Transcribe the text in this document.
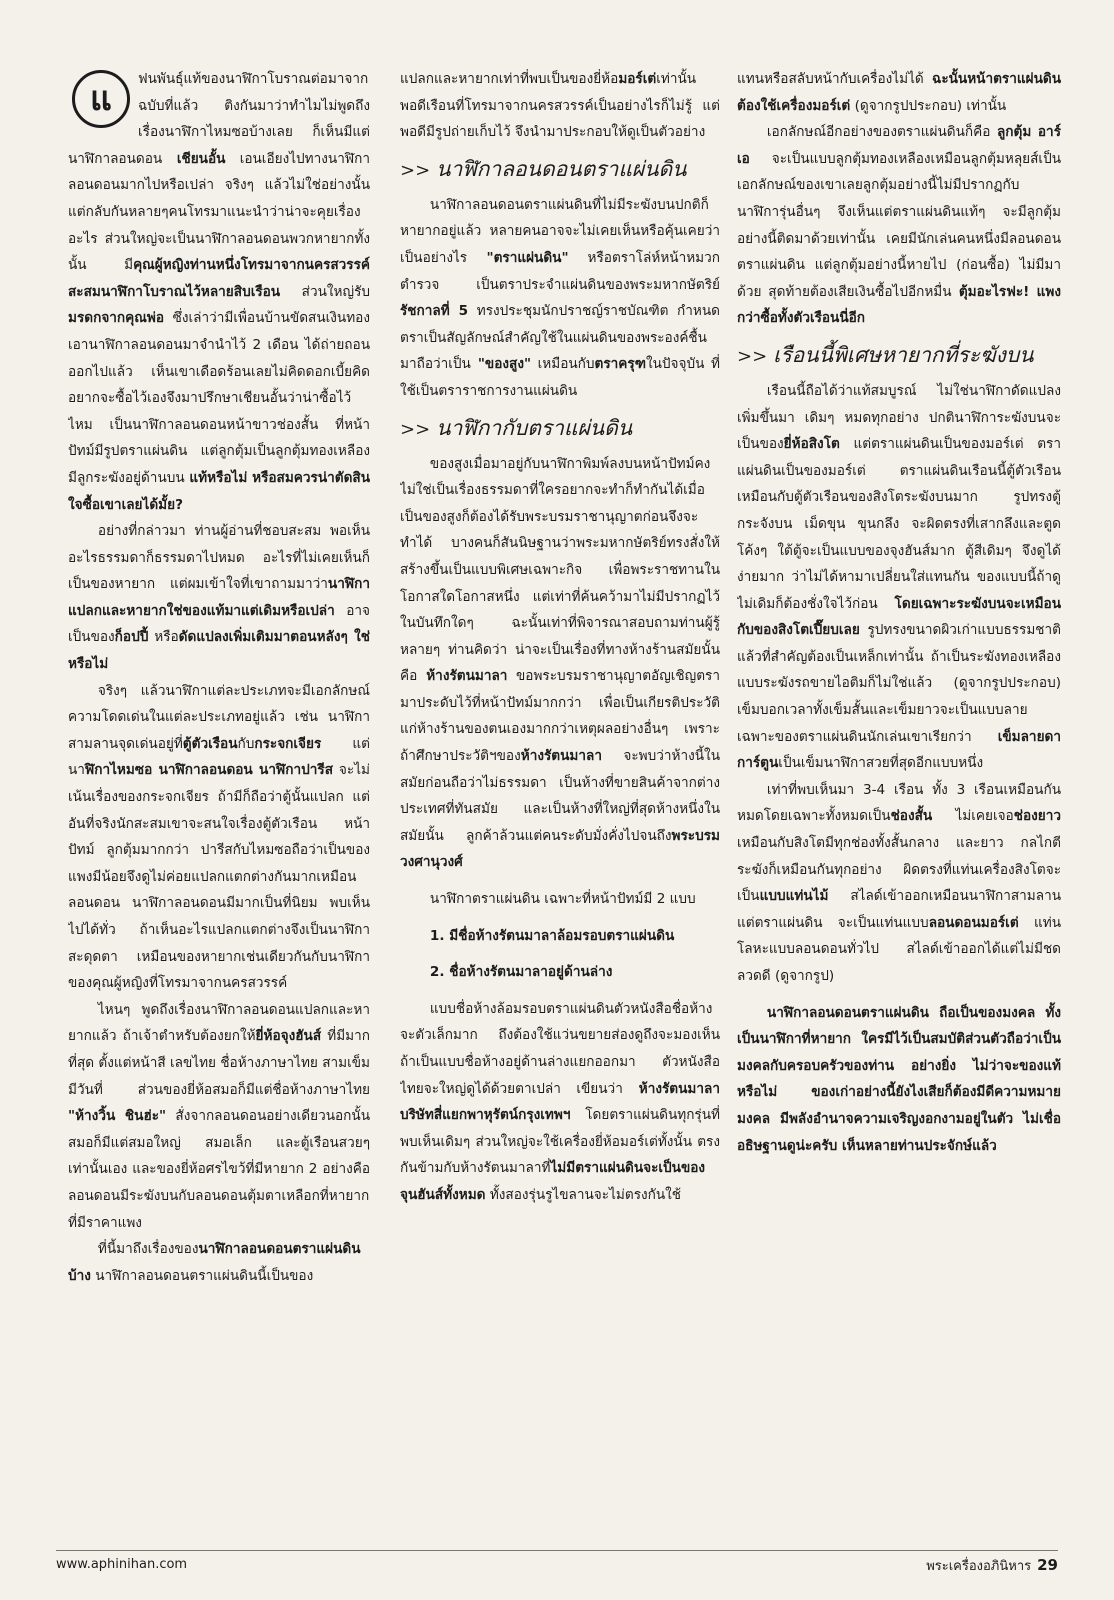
แ	ฟนพันธุ์แท้ของนาฬิกาโบราณต่อมาจากฉบับที่แล้ว ติงกันมาว่าทำไมไม่พูดถึงเรื่องนาฬิกาไหมซอบ้างเลย ก็เห็นมีแต่นาฬิกาลอนดอน เชียนอั้น เอนเอียงไปทางนาฬิกาลอนดอนมากไปหรือเปล่า จริงๆ แล้วไม่ใช่อย่างนั้น แต่กลับกันหลายๆคนโทรมาแนะนำว่าน่าจะคุยเรื่องอะไร ส่วนใหญ่จะเป็นนาฬิกาลอนดอนพวกหายากทั้งนั้น มีคุณผู้หญิงท่านหนึ่งโทรมาจากนครสวรรค์ สะสมนาฬิกาโบราณไว้หลายสิบเรือน ส่วนใหญ่รับมรดกจากคุณพ่อ ซึ่งเล่าว่ามีเพื่อนบ้านขัดสนเงินทองเอานาฬิกาลอนดอนมาจำนำไว้ 2 เดือน ได้ถ่ายถอนออกไปแล้ว เห็นเขาเดือดร้อนเลยไม่คิดดอกเบี้ยคิดอยากจะซื้อไว้เองจึงมาปรึกษาเชียนอั้นว่าน่าซื้อไว้ไหม เป็นนาฬิกาลอนดอนหน้าขาวช่องสั้น ที่หน้าปัทม์มีรูปตราแผ่นดิน แต่ลูกตุ้มเป็นลูกตุ้มทองเหลือง มีลูกระฆังอยู่ด้านบน แท้หรือไม่ หรือสมควรน่าตัดสินใจซื้อเขาเลยได้มั้ย?

อย่างที่กล่าวมา ท่านผู้อ่านที่ชอบสะสม พอเห็นอะไรธรรมดาก็ธรรมดาไปหมด อะไรที่ไม่เคยเห็นก็เป็นของหายาก แต่ผมเข้าใจที่เขาถามมาว่านาฬิกาแปลกและหายากใช่ของแท้มาแต่เดิมหรือเปล่า อาจเป็นของก็อปปี้ หรือดัดแปลงเพิ่มเติมมาตอนหลังๆ ใช่หรือไม่

จริงๆ แล้วนาฬิกาแต่ละประเภทจะมีเอกลักษณ์ความโดดเด่นในแต่ละประเภทอยู่แล้ว เช่น นาฬิกาสามลานจุดเด่นอยู่ที่ตู้ตัวเรือนกับกระจกเจียร แต่นาฬิกาไหมซอ นาฬิกาลอนดอน นาฬิกาปารีส จะไม่เน้นเรื่องของกระจกเจียร ถ้ามีก็ถือว่าตู้นั้นแปลก แต่อันที่จริงนักสะสมเขาจะสนใจเรื่องตู้ตัวเรือน หน้าปัทม์ ลูกตุ้มมากกว่า ปารีสกับไหมซอถือว่าเป็นของแพงมีน้อยจึงดูไม่ค่อยแปลกแตกต่างกันมากเหมือนลอนดอน นาฬิกาลอนดอนมีมากเป็นที่นิยม พบเห็นไปได้ทั่ว ถ้าเห็นอะไรแปลกแตกต่างจึงเป็นนาฬิกาสะดุดตา เหมือนของหายากเช่นเดียวกันกับนาฬิกาของคุณผู้หญิงที่โทรมาจากนครสวรรค์

ไหนๆ พูดถึงเรื่องนาฬิกาลอนดอนแปลกและหายากแล้ว ถ้าเจ้าตำหรับต้องยกให้ยี่ห้อจุงฮันส์ ที่มีมากที่สุด ตั้งแต่หน้าสี เลขไทย ชื่อห้างภาษาไทย สามเข็มมีวันที่ ส่วนของยี่ห้อสมอก็มีแต่ชื่อห้างภาษาไทย "ห้างวิ้น ชินฮ่ะ" สั่งจากลอนดอนอย่างเดียวนอกนั้นสมอก็มีแต่สมอใหญ่ สมอเล็ก และตู้เรือนสวยๆ เท่านั้นเอง และของยี่ห้อศรไขว้ที่มีหายาก 2 อย่างคือ ลอนดอนมีระฆังบนกับลอนดอนตุ้มตาเหลือกที่หายากที่มีราคาแพง

ที่นี้มาถึงเรื่องของนาฬิกาลอนดอนตราแผ่นดินบ้าง นาฬิกาลอนดอนตราแผ่นดินนี้เป็นของ

แปลกและหายากเท่าที่พบเป็นของยี่ห้อมอร์เต่เท่านั้น พอดีเรือนที่โทรมาจากนครสวรรค์เป็นอย่างไรก็ไม่รู้ แต่พอดีมีรูปถ่ายเก็บไว้ จึงนำมาประกอบให้ดูเป็นตัวอย่าง

>> นาฬิกาลอนดอนตราแผ่นดิน

นาฬิกาลอนดอนตราแผ่นดินที่ไม่มีระฆังบนปกติก็หายากอยู่แล้ว หลายคนอาจจะไม่เคยเห็นหรือคุ้นเคยว่าเป็นอย่างไร "ตราแผ่นดิน" หรือตราโล่ห์หน้าหมวกตำรวจ เป็นตราประจำแผ่นดินของพระมหากษัตริย์รัชกาลที่ 5 ทรงประชุมนักปราชญ์ราชบัณฑิต กำหนดตราเป็นสัญลักษณ์สำคัญใช้ในแผ่นดินของพระองค์ชื้นมาถือว่าเป็น "ของสูง" เหมือนกับตราครุฑในปัจจุบัน ที่ใช้เป็นตราราชการงานแผ่นดิน

>> นาฬิกากับตราแผ่นดิน

ของสูงเมื่อมาอยู่กับนาฬิกาพิมพ์ลงบนหน้าปัทม์คงไม่ใช่เป็นเรื่องธรรมดาที่ใครอยากจะทำก็ทำกันได้เมื่อเป็นของสูงก็ต้องได้รับพระบรมราชานุญาตก่อนจึงจะทำได้ บางคนก็สันนิษฐานว่าพระมหากษัตริย์ทรงสั่งให้สร้างขึ้นเป็นแบบพิเศษเฉพาะกิจ เพื่อพระราชทานในโอกาสใดโอกาสหนึ่ง แต่เท่าที่ค้นคว้ามาไม่มีปรากฏไว้ในบันทึกใดๆ ฉะนั้นเท่าที่พิจารณาสอบถามท่านผู้รู้หลายๆ ท่านคิดว่า น่าจะเป็นเรื่องที่ทางห้างร้านสมัยนั้นคือ ห้างรัตนมาลา ขอพระบรมราชานุญาตอัญเชิญตรามาประดับไว้ที่หน้าปัทม์มากกว่า เพื่อเป็นเกียรติประวัติแก่ห้างร้านของตนเองมากกว่าเหตุผลอย่างอื่นๆ เพราะถ้าศึกษาประวัติฯของห้างรัตนมาลา จะพบว่าห้างนี้ในสมัยก่อนถือว่าไม่ธรรมดา เป็นห้างที่ขายสินค้าจากต่างประเทศที่ทันสมัย และเป็นห้างที่ใหญ่ที่สุดห้างหนึ่งในสมัยนั้น ลูกค้าล้วนแต่คนระดับมั่งคั่งไปจนถึงพระบรมวงศานุวงศ์

นาฬิกาตราแผ่นดิน เฉพาะที่หน้าปัทม์มี 2 แบบ

1. มีชื่อห้างรัตนมาลาล้อมรอบตราแผ่นดิน

2. ชื่อห้างรัตนมาลาอยู่ด้านล่าง

แบบชื่อห้างล้อมรอบตราแผ่นดินตัวหนังสือชื่อห้างจะตัวเล็กมาก ถึงต้องใช้แว่นขยายส่องดูถึงจะมองเห็น ถ้าเป็นแบบชื่อห้างอยู่ด้านล่างแยกออกมา ตัวหนังสือไทยจะใหญ่ดูได้ด้วยตาเปล่า เขียนว่า ห้างรัตนมาลาบริษัทสี่แยกพาหุรัตน์กรุงเทพฯ โดยตราแผ่นดินทุกรุ่นที่พบเห็นเดิมๆ ส่วนใหญ่จะใช้เครื่องยี่ห้อมอร์เต่ทั้งนั้น ตรงกันข้ามกับห้างรัตนมาลาที่ไม่มีตราแผ่นดินจะเป็นของจุนฮันส์ทั้งหมด ทั้งสองรุ่นรูไขลานจะไม่ตรงกันใช้

แทนหรือสลับหน้ากับเครื่องไม่ได้ ฉะนั้นหน้าตราแผ่นดินต้องใช้เครื่องมอร์เต่ (ดูจากรูปประกอบ) เท่านั้น

เอกลักษณ์อีกอย่างของตราแผ่นดินก็คือ ลูกตุ้ม อาร์ เอ จะเป็นแบบลูกตุ้มทองเหลืองเหมือนลูกตุ้มหลุยส์เป็นเอกลักษณ์ของเขาเลยลูกตุ้มอย่างนี้ไม่มีปรากฏกับนาฬิการุ่นอื่นๆ จึงเห็นแต่ตราแผ่นดินแท้ๆ จะมีลูกตุ้มอย่างนี้ติดมาด้วยเท่านั้น เคยมีนักเล่นคนหนึ่งมีลอนดอนตราแผ่นดิน แต่ลูกตุ้มอย่างนี้หายไป (ก่อนซื้อ) ไม่มีมาด้วย สุดท้ายต้องเสียเงินซื้อไปอีกหมื่น ตุ้มอะไรฟะ! แพงกว่าซื้อทั้งตัวเรือนนี่อีก

>> เรือนนี้พิเศษหายากที่ระฆังบน

เรือนนี้ถือได้ว่าแท้สมบูรณ์ ไม่ใช่นาฬิกาดัดแปลงเพิ่มขึ้นมา เดิมๆ หมดทุกอย่าง ปกตินาฬิการะฆังบนจะเป็นของยี่ห้อสิงโต แต่ตราแผ่นดินเป็นของมอร์เต่ ตราแผ่นดินเป็นของมอร์เต่ ตราแผ่นดินเรือนนี้ตู้ตัวเรือนเหมือนกับตู้ตัวเรือนของสิงโตระฆังบนมาก รูปทรงตู้กระจังบน เม็ดขุน ขุนกลึง จะผิดตรงที่เสากลึงและตูดโค้งๆ ใต้ตู้จะเป็นแบบของจุงฮันส์มาก ตู้สีเดิมๆ จึงดูได้ง่ายมาก ว่าไม่ได้หามาเปลี่ยนใส่แทนกัน ของแบบนี้ถ้าดูไม่เดิมก็ต้องชั่งใจไว้ก่อน โดยเฉพาะระฆังบนจะเหมือนกับของสิงโตเปี๊ยบเลย รูปทรงขนาดผิวเก่าแบบธรรมชาติแล้วที่สำคัญต้องเป็นเหล็กเท่านั้น ถ้าเป็นระฆังทองเหลืองแบบระฆังรถขายไอติมก็ไม่ใช่แล้ว (ดูจากรูปประกอบ) เข็มบอกเวลาทั้งเข็มสั้นและเข็มยาวจะเป็นแบบลายเฉพาะของตราแผ่นดินนักเล่นเขาเรียกว่า เข็มลายดาการ์ตูนเป็นเข็มนาฬิกาสวยที่สุดอีกแบบหนึ่ง

เท่าที่พบเห็นมา 3-4 เรือน ทั้ง 3 เรือนเหมือนกันหมดโดยเฉพาะทั้งหมดเป็นช่องสั้น ไม่เคยเจอช่องยาว เหมือนกับสิงโตมีทุกช่องทั้งสั้นกลาง และยาว กลไกตีระฆังก็เหมือนกันทุกอย่าง ผิดตรงที่แท่นเครื่องสิงโตจะเป็นแบบแท่นไม้ สไลด์เข้าออกเหมือนนาฬิกาสามลาน แต่ตราแผ่นดิน จะเป็นแท่นแบบลอนดอนมอร์เต่ แท่นโลหะแบบลอนดอนทั่วไป สไลด์เข้าออกได้แต่ไม่มีชดลวดดี (ดูจากรูป)

นาฬิกาลอนดอนตราแผ่นดิน ถือเป็นของมงคล ทั้งเป็นนาฬิกาที่หายาก ใครมีไว้เป็นสมบัติส่วนตัวถือว่าเป็นมงคลกับครอบครัวของท่าน อย่างยิ่ง ไม่ว่าจะของแท้หรือไม่ ของเก่าอย่างนี้ยังไงเสียก็ต้องมีดีความหมายมงคล มีพลังอำนาจความเจริญงอกงามอยู่ในตัว ไม่เชื่ออธิษฐานดูน่ะครับ เห็นหลายท่านประจักษ์แล้ว

www.aphinihan.com	พระเครื่องอภินิหาร 29
